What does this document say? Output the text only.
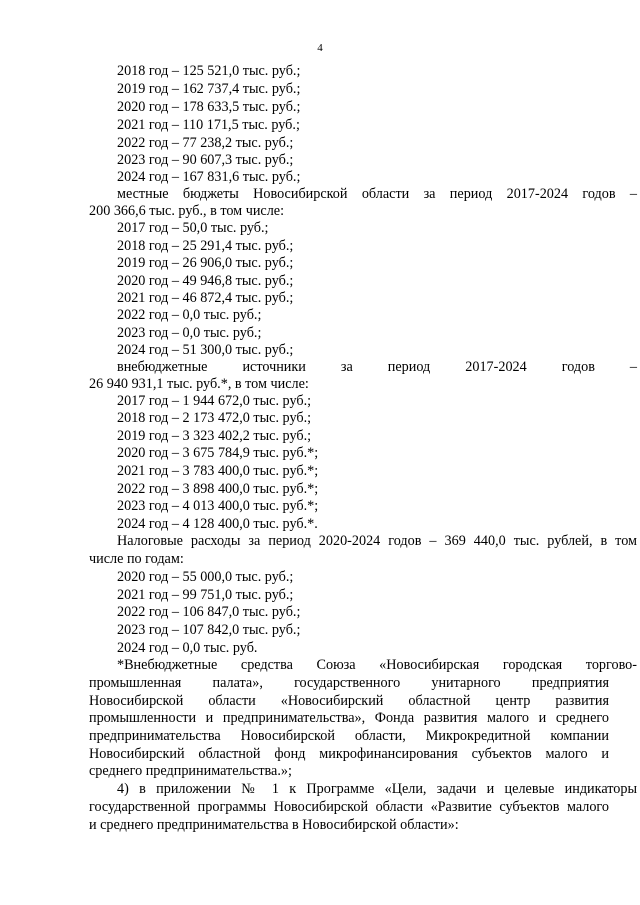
4
2018 год – 125 521,0 тыс. руб.;
2019 год – 162 737,4 тыс. руб.;
2020 год – 178 633,5 тыс. руб.;
2021 год – 110 171,5 тыс. руб.;
2022 год – 77 238,2 тыс. руб.;
2023 год – 90 607,3 тыс. руб.;
2024 год – 167 831,6 тыс. руб.;
местные бюджеты Новосибирской области за период 2017-2024 годов –
200 366,6 тыс. руб., в том числе:
2017 год – 50,0 тыс. руб.;
2018 год – 25 291,4 тыс. руб.;
2019 год – 26 906,0 тыс. руб.;
2020 год – 49 946,8 тыс. руб.;
2021 год – 46 872,4 тыс. руб.;
2022 год – 0,0 тыс. руб.;
2023 год – 0,0 тыс. руб.;
2024 год – 51 300,0 тыс. руб.;
внебюджетные источники за период 2017-2024 годов –
26 940 931,1 тыс. руб.*, в том числе:
2017 год – 1 944 672,0 тыс. руб.;
2018 год – 2 173 472,0 тыс. руб.;
2019 год – 3 323 402,2 тыс. руб.;
2020 год – 3 675 784,9 тыс. руб.*;
2021 год – 3 783 400,0 тыс. руб.*;
2022 год – 3 898 400,0 тыс. руб.*;
2023 год – 4 013 400,0 тыс. руб.*;
2024 год – 4 128 400,0 тыс. руб.*.
Налоговые расходы за период 2020-2024 годов – 369 440,0 тыс. рублей, в том
числе по годам:
2020 год – 55 000,0 тыс. руб.;
2021 год – 99 751,0 тыс. руб.;
2022 год – 106 847,0 тыс. руб.;
2023 год – 107 842,0 тыс. руб.;
2024 год – 0,0 тыс. руб.
*Внебюджетные средства Союза «Новосибирская городская торгово-
промышленная палата», государственного унитарного предприятия
Новосибирской области «Новосибирский областной центр развития
промышленности и предпринимательства», Фонда развития малого и среднего
предпринимательства Новосибирской области, Микрокредитной компании
Новосибирский областной фонд микрофинансирования субъектов малого и
среднего предпринимательства.»;
4) в приложении № 1 к Программе «Цели, задачи и целевые индикаторы
государственной программы Новосибирской области «Развитие субъектов малого
и среднего предпринимательства в Новосибирской области»:
